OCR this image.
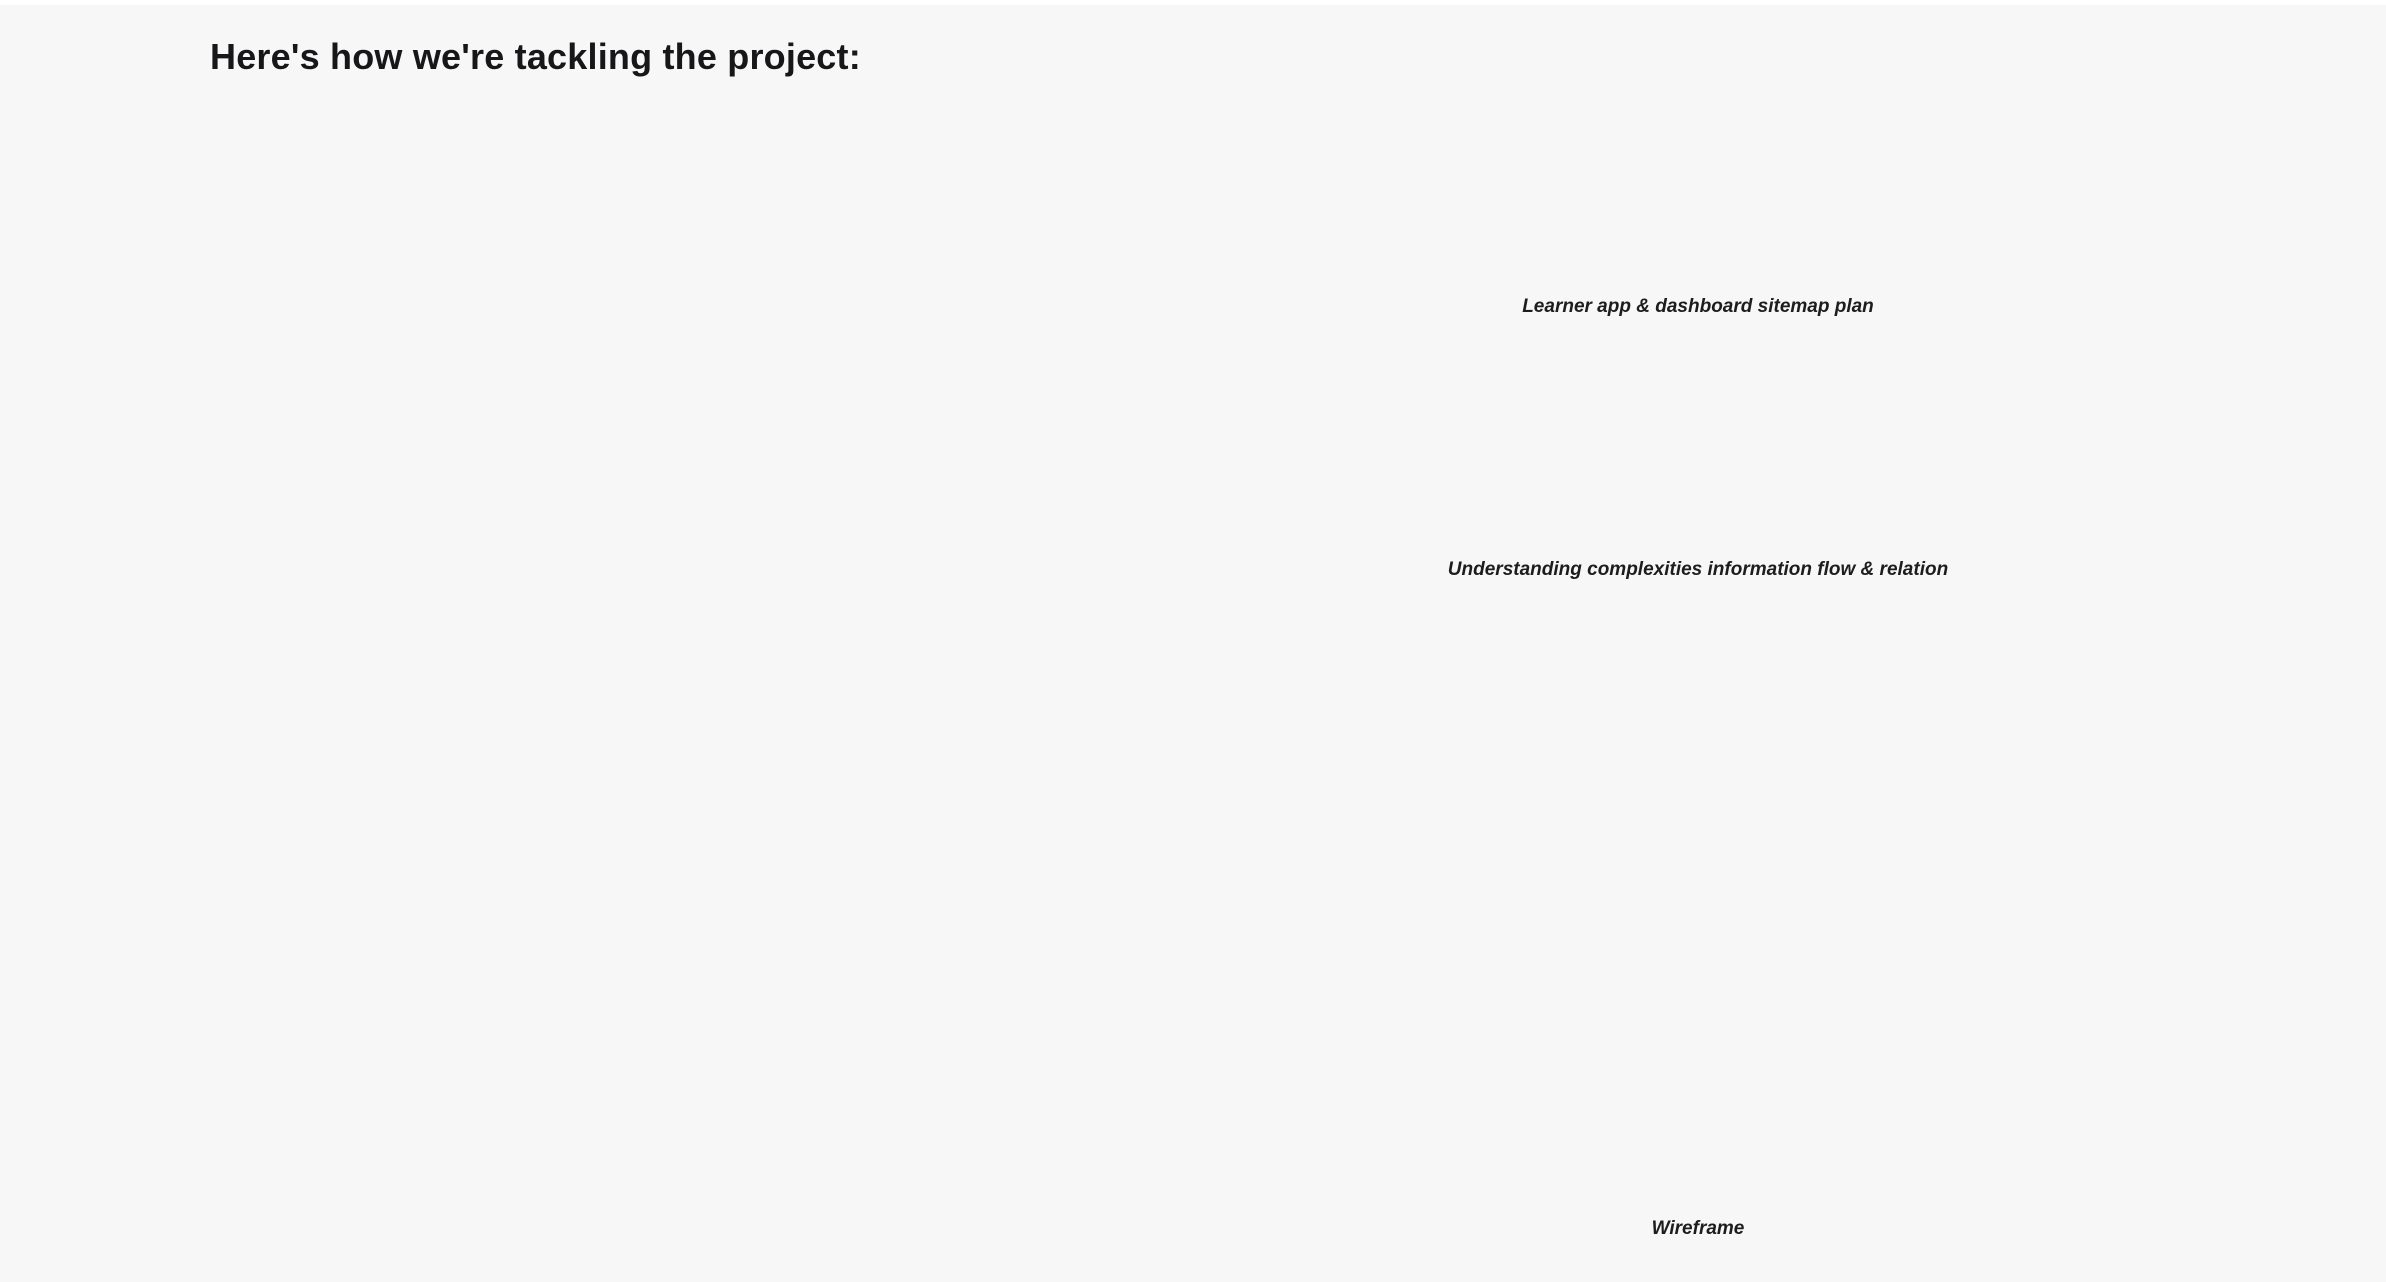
Here's how we're tackling the project:
Learner app & dashboard sitemap plan
Understanding complexities information flow & relation
Wireframe
